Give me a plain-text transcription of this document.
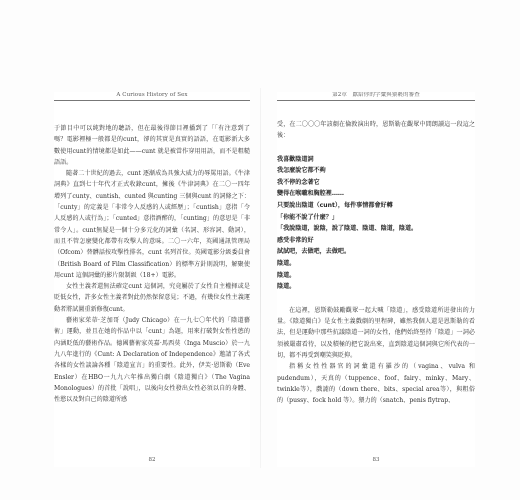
A Curious History of Sex

于節目中可以純對地的聽語，但在最後得節目裡播到了「「有注意到了嗎？電影裡極一般都是的cunt，卻的其實是真實的語語，在電影新大多數使用cunt的情境都是如此——cunt 就是被當作穿用用語，而不是粗糙語語。

隨著二十世紀的過去，cunt 逐漸成為具強大威力的辱罵用語。《牛津詞典》直到七十年代才正式收錄cunt，擁後《牛津詞典》在二〇一四年增列了cunty、cuntish、cunted 與cunting 三個與cunt 的詞條之下：「cunty」的定義是「非常令人反感的人或經歷」；「cuntish」意指「令人反感的人或行為」；「cunted」意指酒醉的，「cunting」的意思是「非常令人」。cunt無疑是一個十分多元化的詞彙（名詞、形容詞、動詞），而且不管怎麼變化都帶有攻擊人的意味。二〇一六年，英國通訊管理局（Ofcom）替髒話按攻擊性排名，cunt 名列首位。英國電影分級委員會（British Board of Film Classification）的標準方針則說明，解聚使用cunt 這個詞彙的影片限制級（18+）電影。

女性主義者還無法確定cunt 這個詞，究竟屬於了女性自主權揮或是貶低女性，許多女性主義者對此仍然保留意見；不過，有幾位女性主義運動者將試圖重新修復cunt。

藝術家茱蒂·芝加哥（Judy Chicago）在一九七〇年代的「陰道藝術」運動，並且在她的作品中以「cunt」為題，用來打破對女性性慾的內涵貶低的藝術作品。德國藝術家英嘉·馬西莫（Inga Muscio）於一九九八年進行的《Cunt: A Declaration of Independence》邀請了各式各樣的女性談論各種「陰道宣言」的重要性。此外，伊芙·恩斯勒（Eve Ensler）在HBO一九九六年推出獨白劇《陰道獨白》（The Vagina Monologues）的首批「說唱」，以後向女性發出女性必須以自的身體、性慾以及對自己的陰道所感

82
第2章　獻給你的字彙與猥褻的審查

受，在二〇〇〇年該劇在倫敦演出時，恩斯勒在觀眾中間朗讀這一段這之後：

我喜歡陰道詞
我怎麼說它都不夠
我不停的念著它
變得在喉嚨和胸腔裡……
只要說出陰道（cunt），每件事情都會好轉
「你能不說了什麼？」
「我說陰道，說陰，說了陰道、陰道、陰道，陰道。
感受非常的好
試試吧，去做吧，去做吧。
陰道。
陰道。
陰道。

在這裡，恩斯勒鼓勵觀眾一起大喊「陰道」，感受陰道所迸發出的力量。《陰道獨白》是女性主義戲劇的里程碑，雖然我個人還是恩斯勒的看法，但是運動中那些抗議陰道一詞的女性，他們始終堅持「陰道」一詞必須被嚴肅看待，以及積極的把它說出來，直到陰道這個詞與它所代表的一切，都不再受到嘲笑與貶抑。

指稱女性性器官的詞彙還有羅沙的（vagina、vulva 和pudendum），天真的（tuppence、foof、fairy、minky、Mary、twinkle等），戲謔的（down there、bits、special area等），與粗俗的（pussy、fock hold 等）。猥力的（snatch、penis flytrap、

83
